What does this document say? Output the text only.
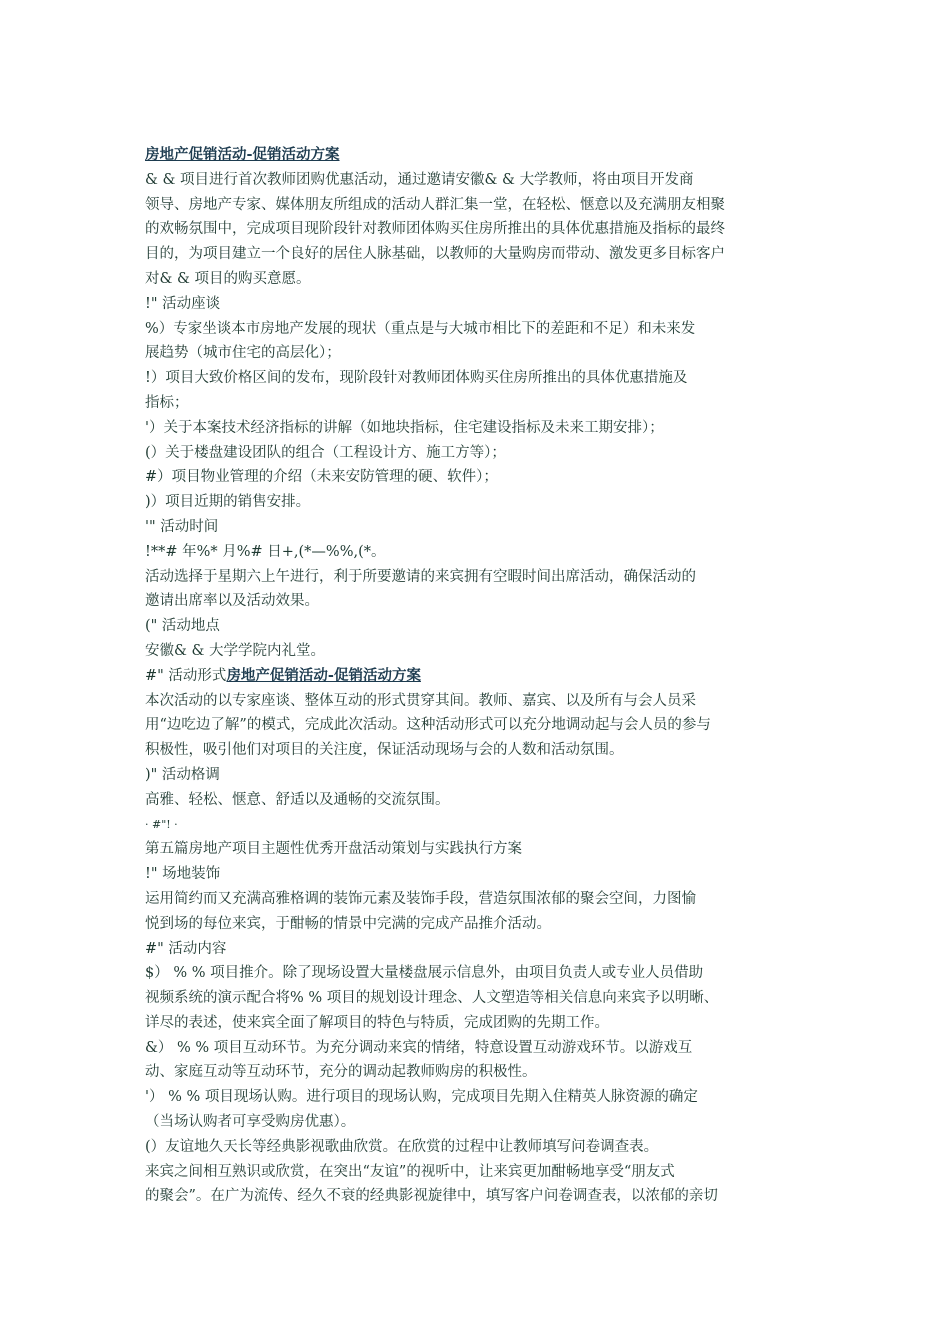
房地产促销活动-促销活动方案
& & 项目进行首次教师团购优惠活动，通过邀请安徽& & 大学教师，将由项目开发商
领导、房地产专家、媒体朋友所组成的活动人群汇集一堂，在轻松、惬意以及充满朋友相聚
的欢畅氛围中，完成项目现阶段针对教师团体购买住房所推出的具体优惠措施及指标的最终
目的，为项目建立一个良好的居住人脉基础，以教师的大量购房而带动、激发更多目标客户
对& & 项目的购买意愿。
!" 活动座谈
%）专家坐谈本市房地产发展的现状（重点是与大城市相比下的差距和不足）和未来发
展趋势（城市住宅的高层化）；
!）项目大致价格区间的发布，现阶段针对教师团体购买住房所推出的具体优惠措施及
指标；
'）关于本案技术经济指标的讲解（如地块指标，住宅建设指标及未来工期安排）；
(）关于楼盘建设团队的组合（工程设计方、施工方等）；
#）项目物业管理的介绍（未来安防管理的硬、软件）；
)）项目近期的销售安排。
'" 活动时间
!**# 年%* 月%# 日+,(*—%%,(*。
活动选择于星期六上午进行，利于所要邀请的来宾拥有空暇时间出席活动，确保活动的
邀请出席率以及活动效果。
(" 活动地点
安徽& & 大学学院内礼堂。
#" 活动形式房地产促销活动-促销活动方案
本次活动的以专家座谈、整体互动的形式贯穿其间。教师、嘉宾、以及所有与会人员采
用“边吃边了解”的模式，完成此次活动。这种活动形式可以充分地调动起与会人员的参与
积极性，吸引他们对项目的关注度，保证活动现场与会的人数和活动氛围。
)" 活动格调
高雅、轻松、惬意、舒适以及通畅的交流氛围。
· #"! ·
第五篇房地产项目主题性优秀开盘活动策划与实践执行方案
!" 场地装饰
运用简约而又充满高雅格调的装饰元素及装饰手段，营造氛围浓郁的聚会空间，力图愉
悦到场的每位来宾，于酣畅的情景中完满的完成产品推介活动。
#" 活动内容
$） % % 项目推介。除了现场设置大量楼盘展示信息外，由项目负责人或专业人员借助
视频系统的演示配合将% % 项目的规划设计理念、人文塑造等相关信息向来宾予以明晰、
详尽的表述，使来宾全面了解项目的特色与特质，完成团购的先期工作。
&） % % 项目互动环节。为充分调动来宾的情绪，特意设置互动游戏环节。以游戏互
动、家庭互动等互动环节，充分的调动起教师购房的积极性。
'） % % 项目现场认购。进行项目的现场认购，完成项目先期入住精英人脉资源的确定
（当场认购者可享受购房优惠）。
(）友谊地久天长等经典影视歌曲欣赏。在欣赏的过程中让教师填写问卷调查表。
来宾之间相互熟识或欣赏，在突出“友谊”的视听中，让来宾更加酣畅地享受“朋友式
的聚会”。在广为流传、经久不衰的经典影视旋律中，填写客户问卷调查表，以浓郁的亲切
